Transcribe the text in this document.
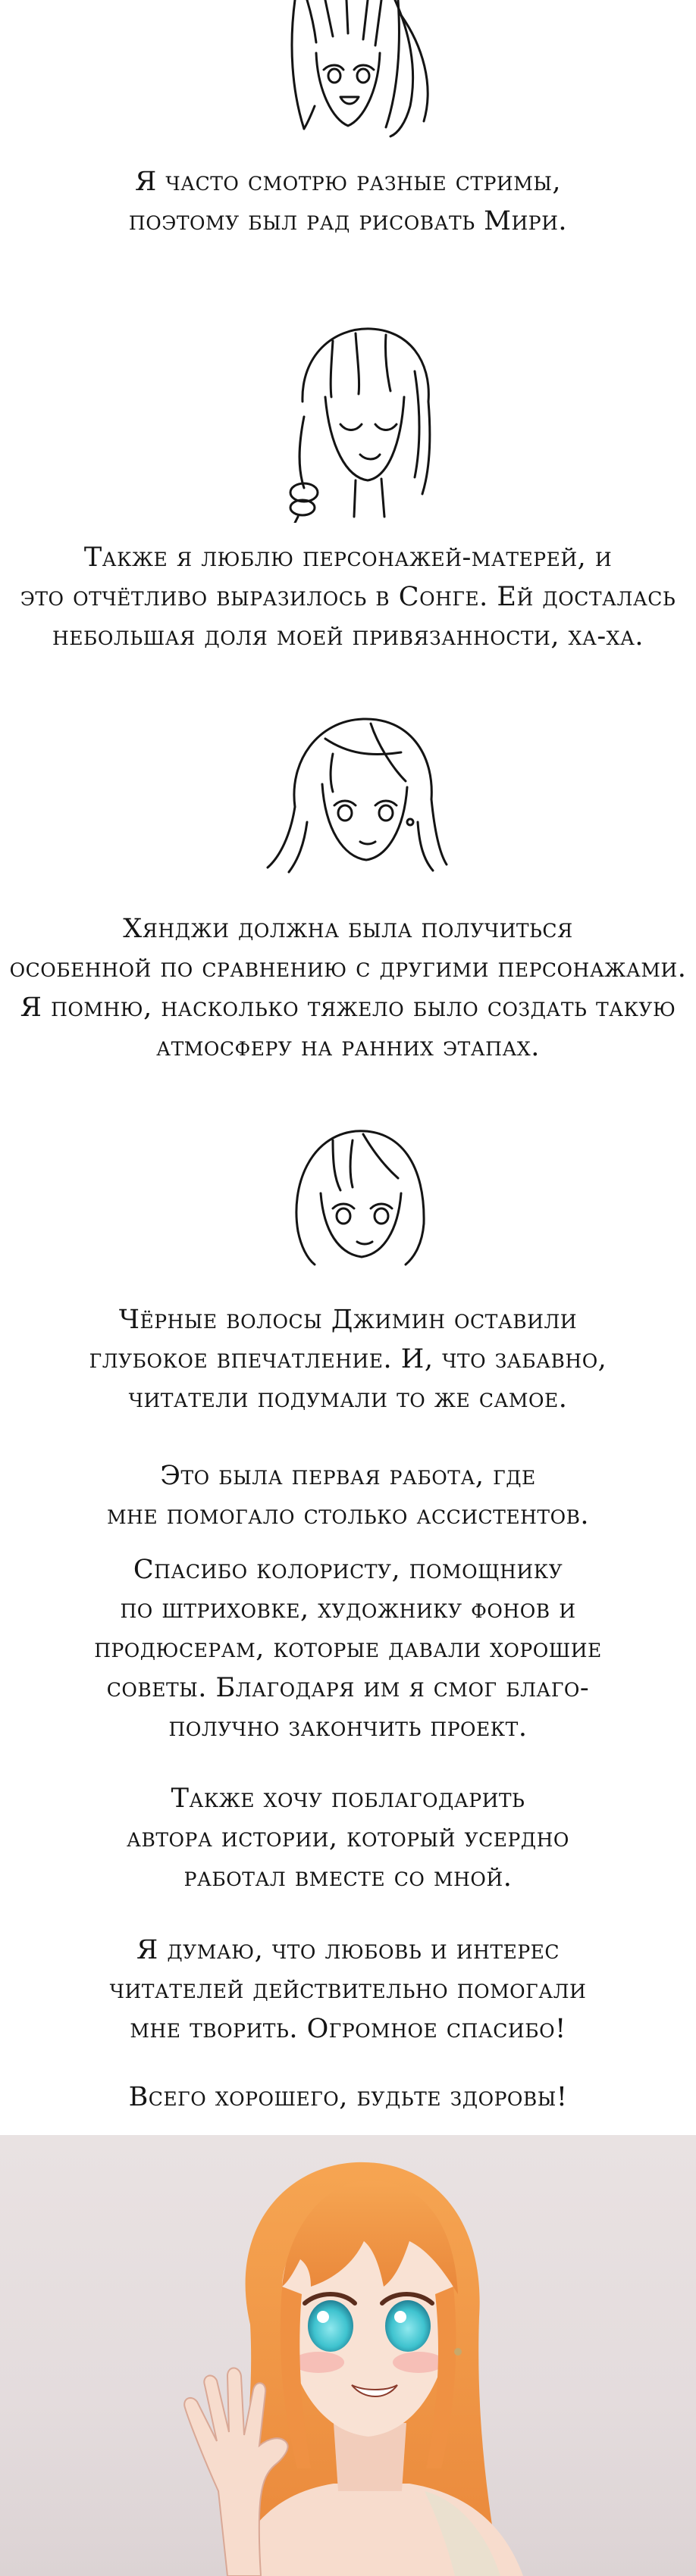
Я часто смотрю разные стримы,
поэтому был рад рисовать Мири.
Также я люблю персонажей-матерей, и
это отчётливо выразилось в Сонге. Ей досталась
небольшая доля моей привязанности, ха-ха.
Хянджи должна была получиться
особенной по сравнению с другими персонажами.
Я помню, насколько тяжело было создать такую
атмосферу на ранних этапах.
Чёрные волосы Джимин оставили
глубокое впечатление. И, что забавно,
читатели подумали то же самое.
Это была первая работа, где
мне помогало столько ассистентов.
Спасибо колористу, помощнику
по штриховке, художнику фонов и
продюсерам, которые давали хорошие
советы. Благодаря им я смог благо-
получно закончить проект.
Также хочу поблагодарить
автора истории, который усердно
работал вместе со мной.
Я думаю, что любовь и интерес
читателей действительно помогали
мне творить. Огромное спасибо!
Всего хорошего, будьте здоровы!
